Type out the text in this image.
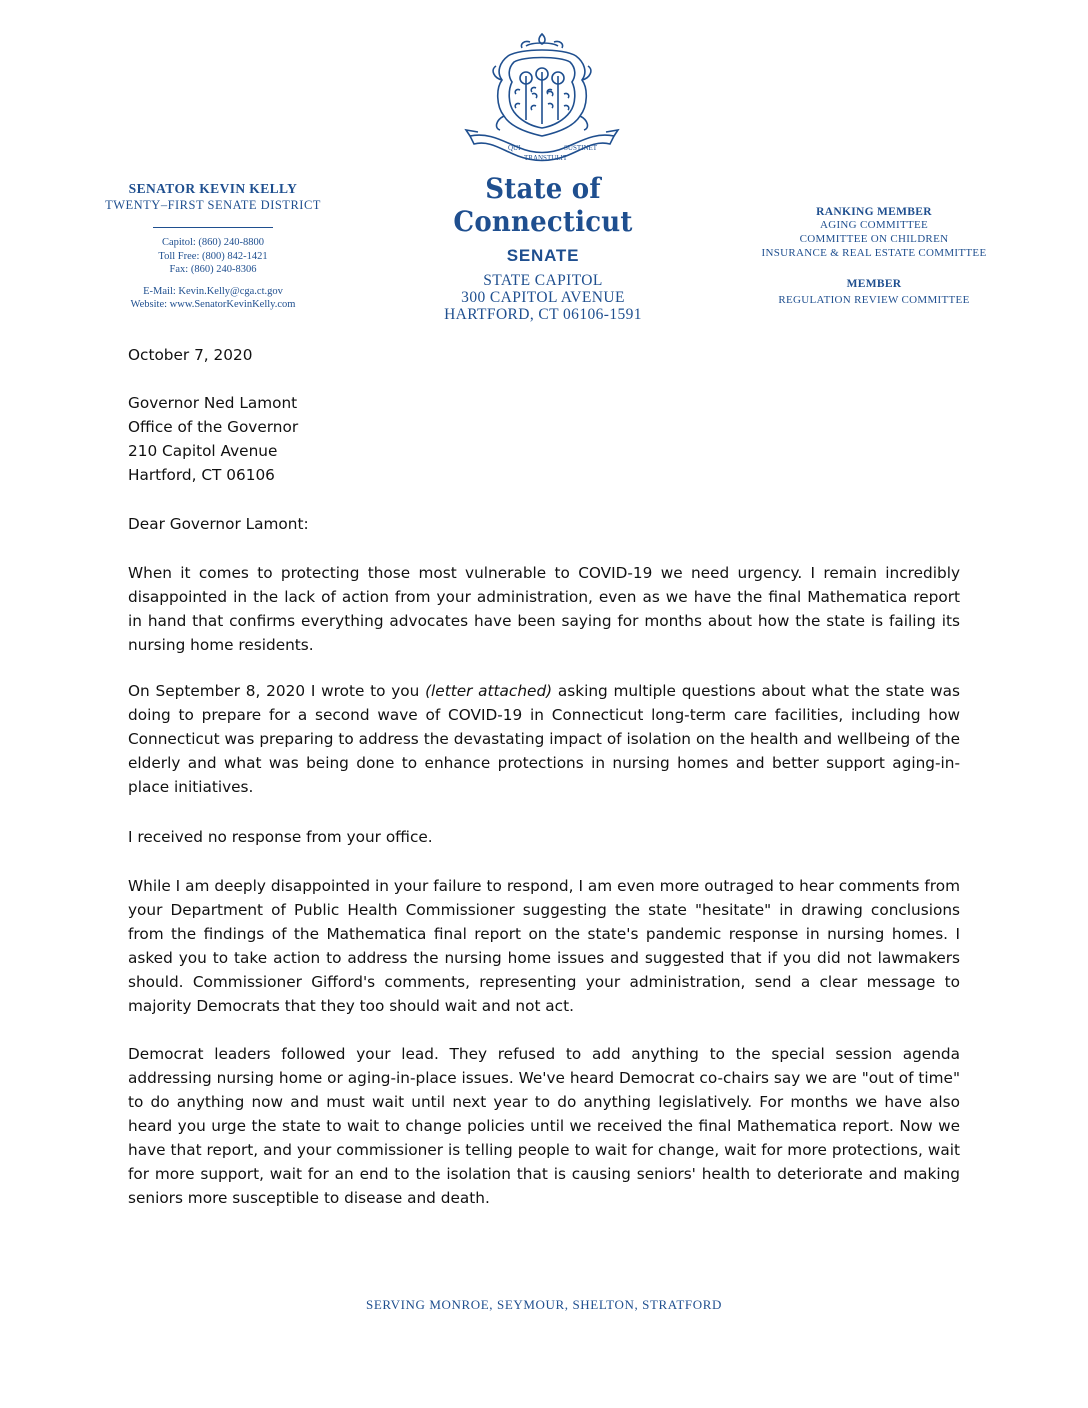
SENATOR KEVIN KELLY
TWENTY–FIRST SENATE DISTRICT
Capitol: (860) 240-8800
Toll Free: (800) 842-1421
Fax: (860) 240-8306
E-Mail: Kevin.Kelly@cga.ct.gov
Website: www.SenatorKevinKelly.com
QUI
TRANSTULIT
SUSTINET
State of Connecticut
SENATE
STATE CAPITOL
300 CAPITOL AVENUE
HARTFORD, CT 06106-1591
RANKING MEMBER
AGING COMMITTEE
COMMITTEE ON CHILDREN
INSURANCE & REAL ESTATE COMMITTEE
MEMBER
REGULATION REVIEW COMMITTEE
October 7, 2020
Governor Ned Lamont
Office of the Governor
210 Capitol Avenue
Hartford, CT 06106
Dear Governor Lamont:
When it comes to protecting those most vulnerable to COVID-19 we need urgency. I remain incredibly disappointed in the lack of action from your administration, even as we have the final Mathematica report in hand that confirms everything advocates have been saying for months about how the state is failing its nursing home residents.
On September 8, 2020 I wrote to you (letter attached) asking multiple questions about what the state was doing to prepare for a second wave of COVID-19 in Connecticut long-term care facilities, including how Connecticut was preparing to address the devastating impact of isolation on the health and wellbeing of the elderly and what was being done to enhance protections in nursing homes and better support aging-in-place initiatives.
I received no response from your office.
While I am deeply disappointed in your failure to respond, I am even more outraged to hear comments from your Department of Public Health Commissioner suggesting the state "hesitate" in drawing conclusions from the findings of the Mathematica final report on the state's pandemic response in nursing homes. I asked you to take action to address the nursing home issues and suggested that if you did not lawmakers should. Commissioner Gifford's comments, representing your administration, send a clear message to majority Democrats that they too should wait and not act.
Democrat leaders followed your lead. They refused to add anything to the special session agenda addressing nursing home or aging-in-place issues. We've heard Democrat co-chairs say we are "out of time" to do anything now and must wait until next year to do anything legislatively. For months we have also heard you urge the state to wait to change policies until we received the final Mathematica report. Now we have that report, and your commissioner is telling people to wait for change, wait for more protections, wait for more support, wait for an end to the isolation that is causing seniors' health to deteriorate and making seniors more susceptible to disease and death.
SERVING MONROE, SEYMOUR, SHELTON, STRATFORD
